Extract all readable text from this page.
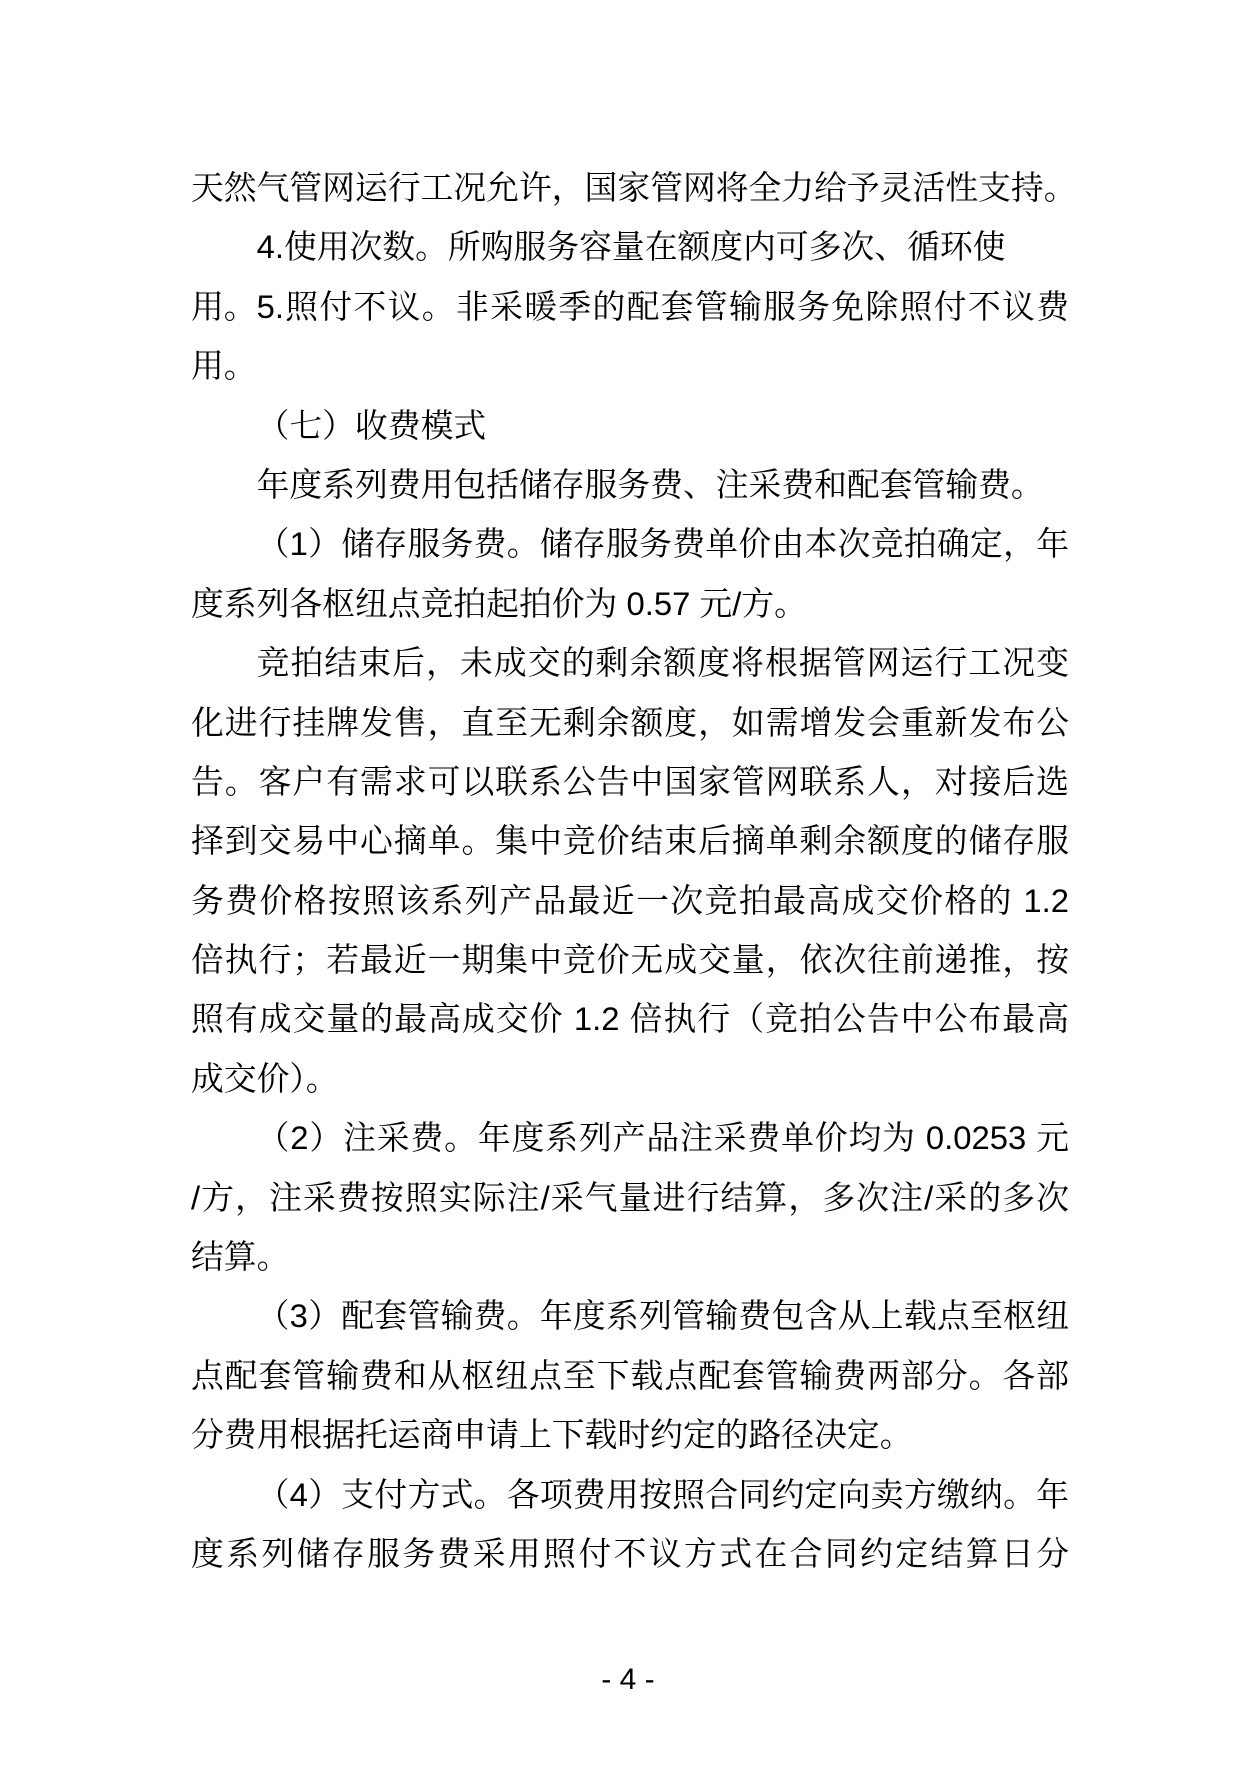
天然气管网运行工况允许，国家管网将全力给予灵活性支持。
4.使用次数。所购服务容量在额度内可多次、循环使用。 5.照付不议。非采暖季的配套管输服务免除照付不议费
用。
（七）收费模式
年度系列费用包括储存服务费、注采费和配套管输费。
（1）储存服务费。储存服务费单价由本次竞拍确定，年
度系列各枢纽点竞拍起拍价为 0.57 元/方。
竞拍结束后，未成交的剩余额度将根据管网运行工况变
化进行挂牌发售，直至无剩余额度，如需增发会重新发布公
告。客户有需求可以联系公告中国家管网联系人，对接后选
择到交易中心摘单。集中竞价结束后摘单剩余额度的储存服
务费价格按照该系列产品最近一次竞拍最高成交价格的 1.2
倍执行；若最近一期集中竞价无成交量，依次往前递推，按
照有成交量的最高成交价 1.2 倍执行（竞拍公告中公布最高
成交价）。
（2）注采费。年度系列产品注采费单价均为 0.0253 元
/方，注采费按照实际注/采气量进行结算，多次注/采的多次
结算。
（3）配套管输费。年度系列管输费包含从上载点至枢纽
点配套管输费和从枢纽点至下载点配套管输费两部分。各部
分费用根据托运商申请上下载时约定的路径决定。
（4）支付方式。各项费用按照合同约定向卖方缴纳。年
度系列储存服务费采用照付不议方式在合同约定结算日分
- 4 -
